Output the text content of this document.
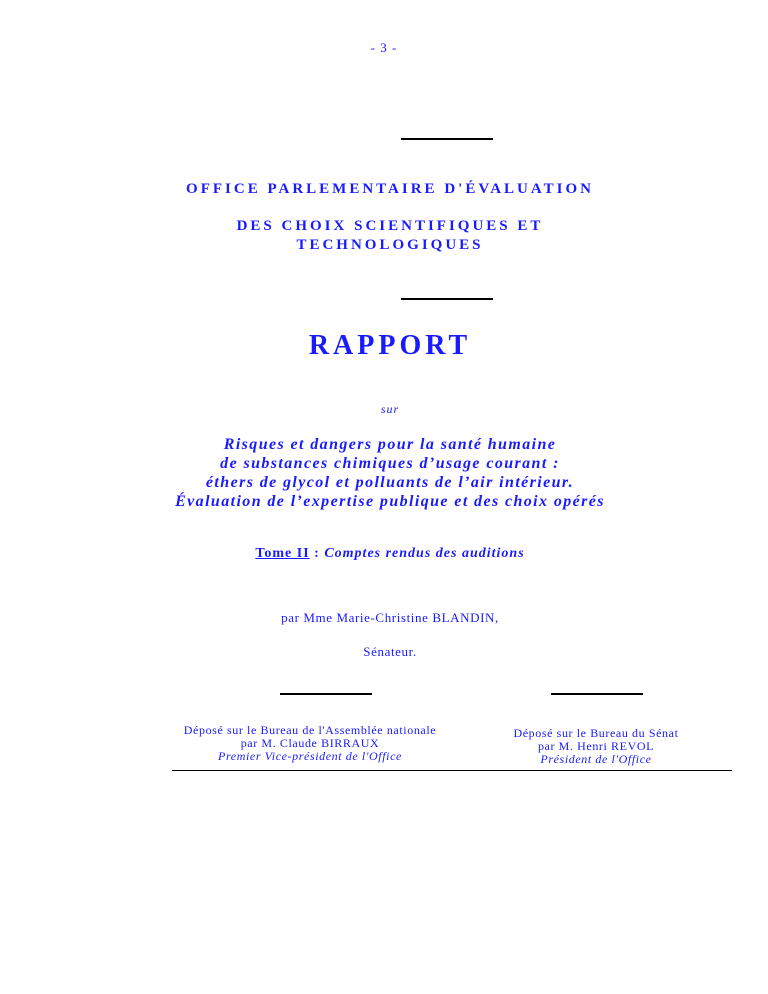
- 3 -
OFFICE PARLEMENTAIRE D'ÉVALUATION
DES CHOIX SCIENTIFIQUES ET
TECHNOLOGIQUES
RAPPORT
sur
Risques et dangers pour la santé humaine
de substances chimiques d’usage courant :
éthers de glycol et polluants de l’air intérieur.
Évaluation de l’expertise publique et des choix opérés
Tome II : Comptes rendus des auditions
par Mme Marie-Christine BLANDIN,
Sénateur.
Déposé sur le Bureau de l'Assemblée nationale
par M. Claude BIRRAUX
Premier Vice-président de l'Office
Déposé sur le Bureau du Sénat
par M. Henri REVOL
Président de l'Office
